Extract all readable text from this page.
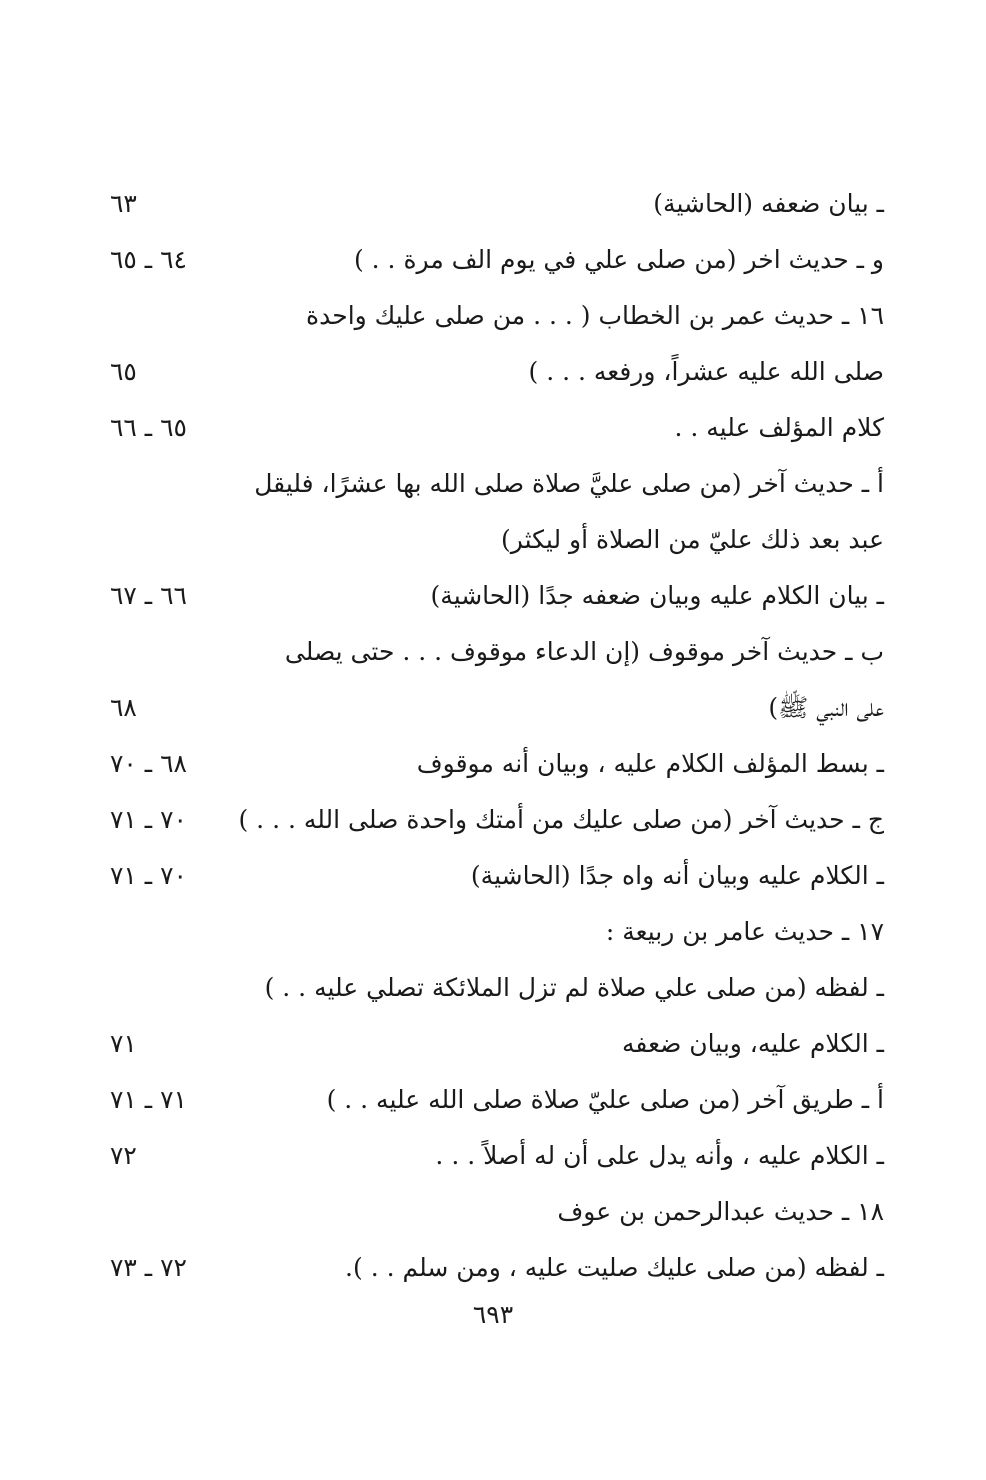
ـ بيان ضعفه (الحاشية)
٦٣
و ـ حديث اخر (من صلى علي في يوم الف مرة . . )
٦٤ ـ ٦٥
١٦ ـ حديث عمر بن الخطاب ( . . . من صلى عليك واحدة
صلى الله عليه عشراً، ورفعه . . . )
٦٥
كلام المؤلف عليه . .
٦٥ ـ ٦٦
أ ـ حديث آخر (من صلى عليَّ صلاة صلى الله بها عشرًا، فليقل
عبد بعد ذلك عليّ من الصلاة أو ليكثر)
ـ بيان الكلام عليه وبيان ضعفه جدًا (الحاشية)
٦٦ ـ ٦٧
ب ـ حديث آخر موقوف (إن الدعاء موقوف . . . حتى يصلى
على النبي ﷺ)
٦٨
ـ بسط المؤلف الكلام عليه ، وبيان أنه موقوف
٦٨ ـ ٧٠
ج ـ حديث آخر (من صلى عليك من أمتك واحدة صلى الله . . . )
٧٠ ـ ٧١
ـ الكلام عليه وبيان أنه واه جدًا (الحاشية)
٧٠ ـ ٧١
١٧ ـ حديث عامر بن ربيعة :
ـ لفظه (من صلى علي صلاة لم تزل الملائكة تصلي عليه . . )
ـ الكلام عليه، وبيان ضعفه
٧١
أ ـ طريق آخر (من صلى عليّ صلاة صلى الله عليه . . )
٧١ ـ ٧١
ـ الكلام عليه ، وأنه يدل على أن له أصلاً . . .
٧٢
١٨ ـ حديث عبدالرحمن بن عوف
ـ لفظه (من صلى عليك صليت عليه ، ومن سلم . . ).
٧٢ ـ ٧٣
٦٩٣
